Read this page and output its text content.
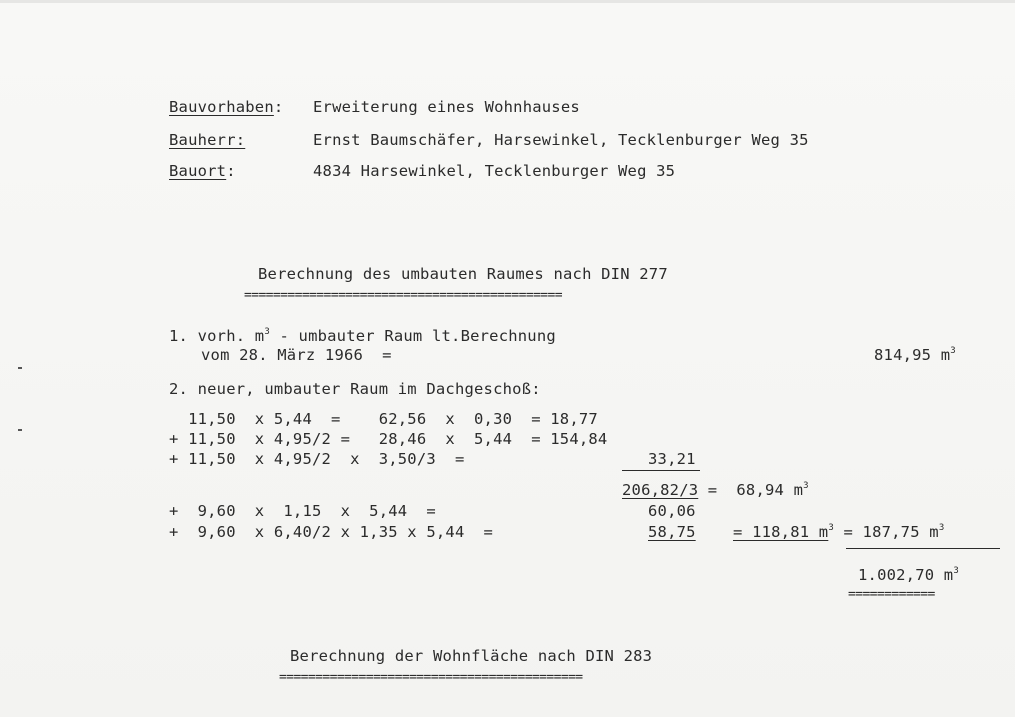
Bauvorhaben: Erweiterung eines Wohnhauses
Bauherr:	Ernst Baumschäfer, Harsewinkel, Tecklenburger Weg 35
Bauort:	4834 Harsewinkel, Tecklenburger Weg 35
Berechnung des umbauten Raumes nach DIN 277
============================================
1. vorh. $m^3$ - umbauter Raum lt.Berechnung
vom 28. März 1966  =	814,95 $m^3$
2. neuer, umbauter Raum im Dachgeschoß:
11,50  x 5,44  =    62,56  x  0,30  = 18,77
+ 11,50  x 4,95/2 =   28,46  x  5,44  = 154,84
+ 11,50  x 4,95/2  x  3,50/3  =	33,21
206,82/3 =  68,94 $m^3$
+  9,60  x  1,15  x  5,44  =	60,06
+  9,60  x 6,40/2 x 1,35 x 5,44  =	58,75 = 118,81 $m^3 = 187,75$ $m^3$
1.002,70 $m^3$
============
Berechnung der Wohnfläche nach DIN 283
==========================================
